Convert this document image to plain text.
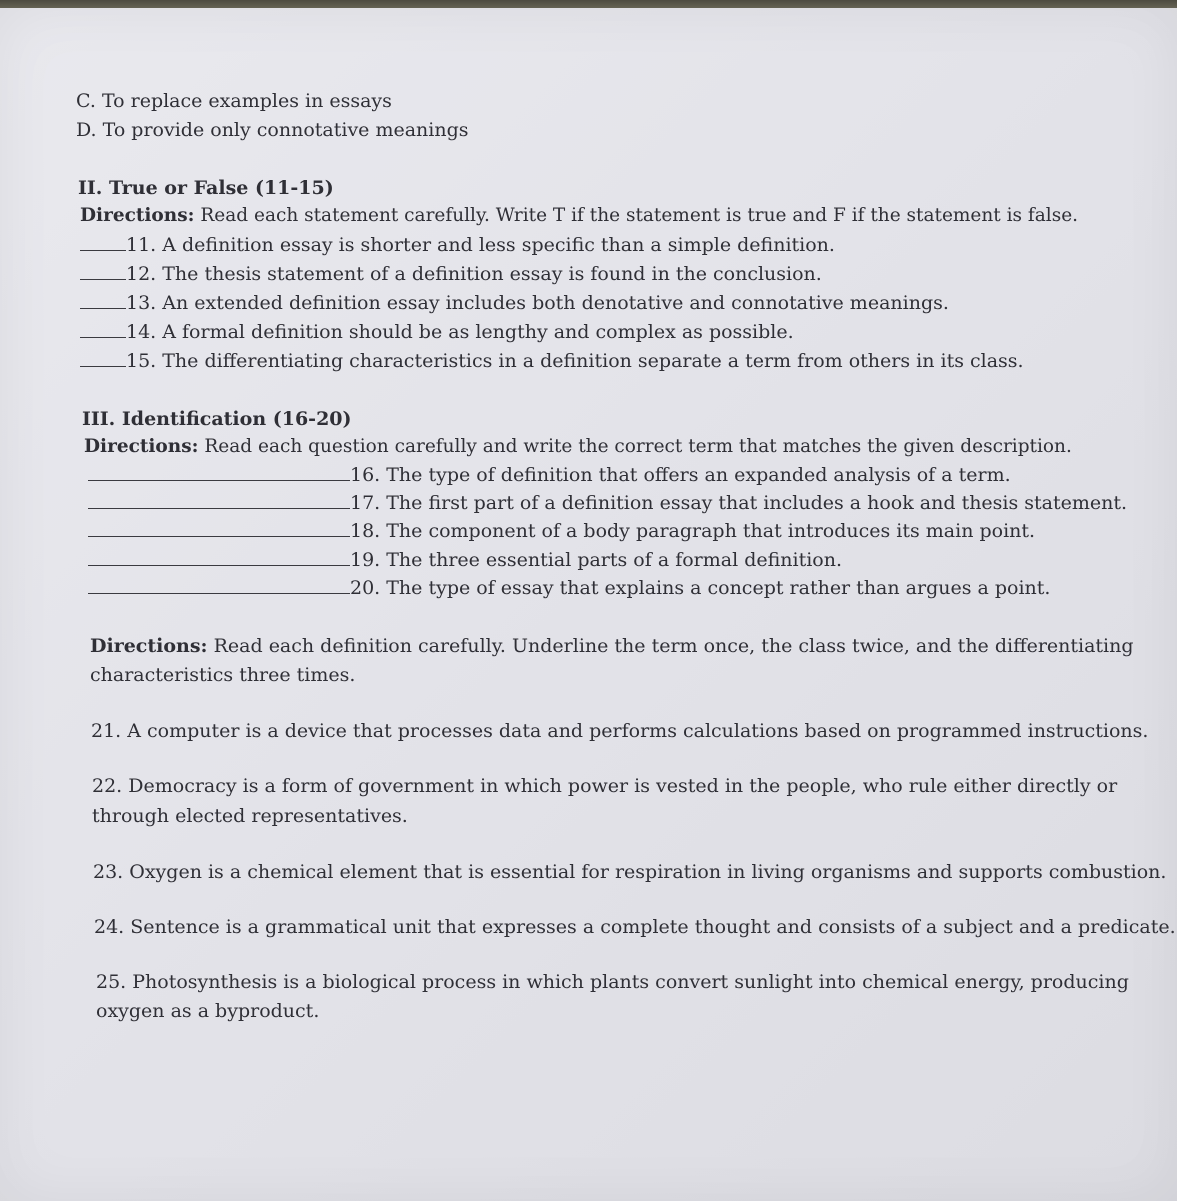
C. To replace examples in essays
D. To provide only connotative meanings
II. True or False (11-15)
Directions: Read each statement carefully. Write T if the statement is true and F if the statement is false.
11. A definition essay is shorter and less specific than a simple definition.
12. The thesis statement of a definition essay is found in the conclusion.
13. An extended definition essay includes both denotative and connotative meanings.
14. A formal definition should be as lengthy and complex as possible.
15. The differentiating characteristics in a definition separate a term from others in its class.
III. Identification (16-20)
Directions: Read each question carefully and write the correct term that matches the given description.
16. The type of definition that offers an expanded analysis of a term.
17. The first part of a definition essay that includes a hook and thesis statement.
18. The component of a body paragraph that introduces its main point.
19. The three essential parts of a formal definition.
20. The type of essay that explains a concept rather than argues a point.
Directions: Read each definition carefully. Underline the term once, the class twice, and the differentiating
characteristics three times.
21. A computer is a device that processes data and performs calculations based on programmed instructions.
22. Democracy is a form of government in which power is vested in the people, who rule either directly or
through elected representatives.
23. Oxygen is a chemical element that is essential for respiration in living organisms and supports combustion.
24. Sentence is a grammatical unit that expresses a complete thought and consists of a subject and a predicate.
25. Photosynthesis is a biological process in which plants convert sunlight into chemical energy, producing
oxygen as a byproduct.
